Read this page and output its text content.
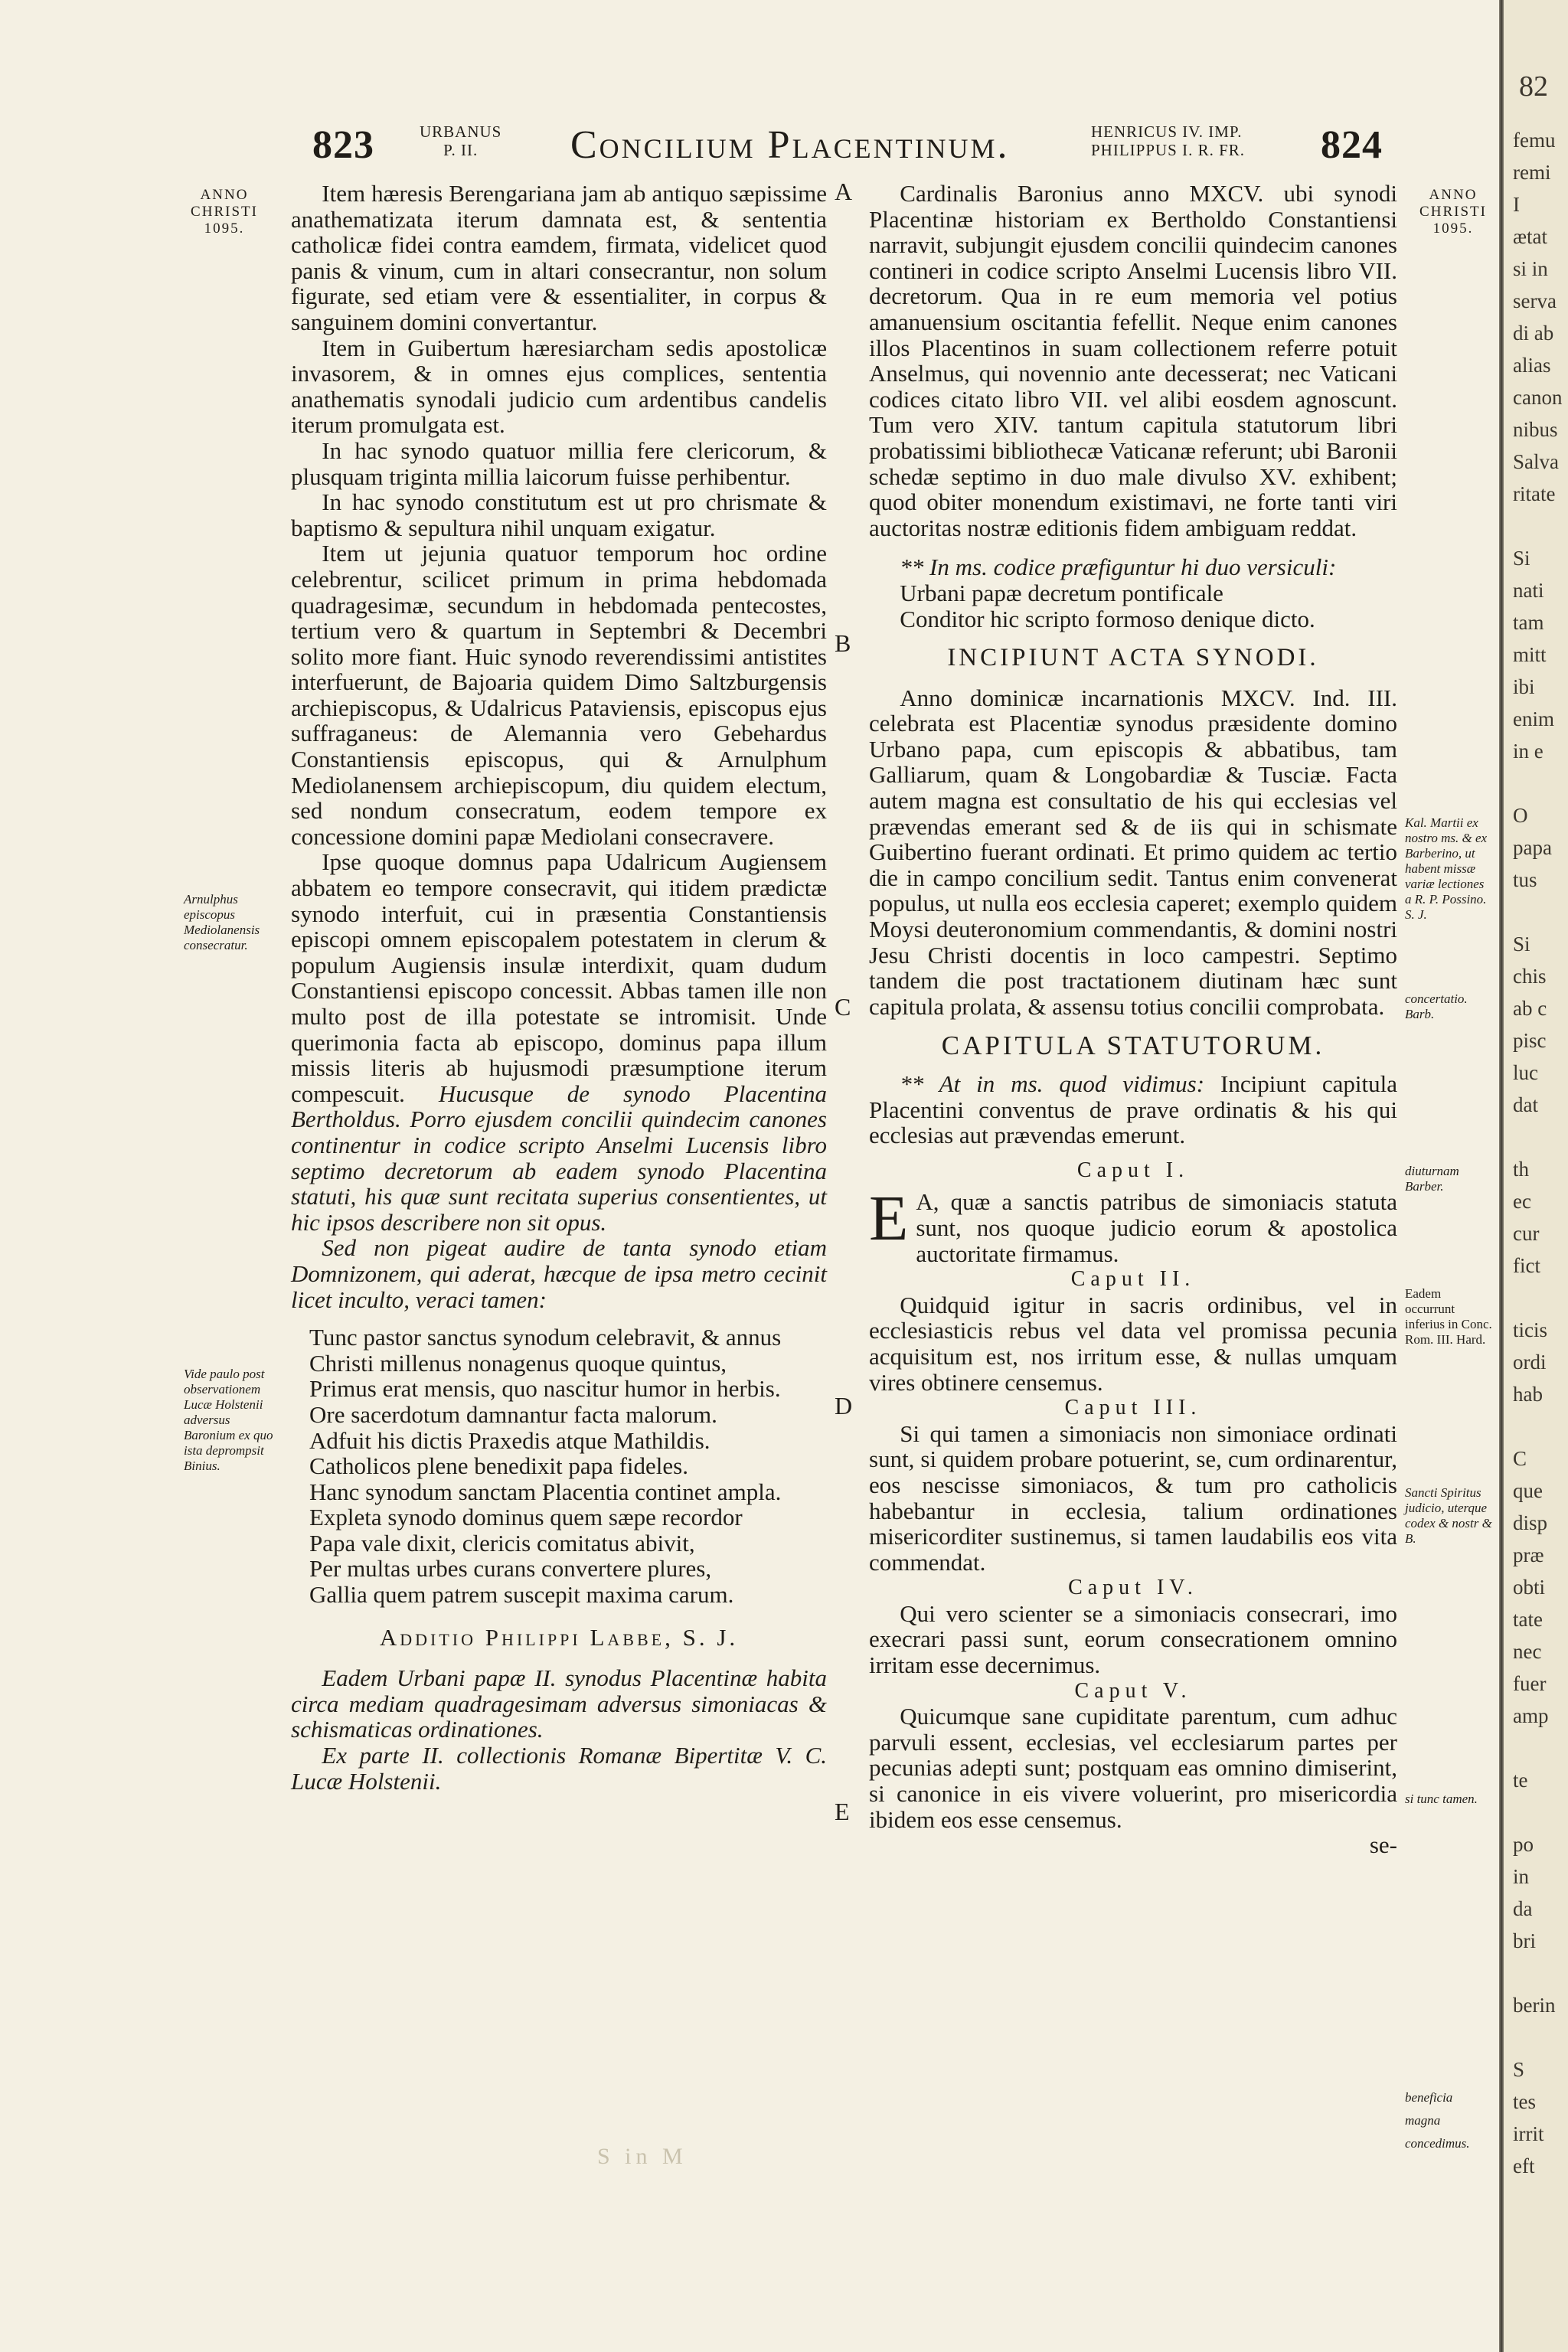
823	URBANUS
P. II.	Concilium Placentinum.	HENRICUS IV. IMP.
PHILIPPUS I. R. FR. 824
ANNO
CHRISTI
1095.
Arnulphus episcopus Mediolanensis consecratur.
Vide paulo post observationem Lucæ Holstenii adversus Baronium ex quo ista deprompsit Binius.
A
B
C
D
E

Item hæresis Berengariana jam ab antiquo sæpissime anathematizata iterum damnata est, & sententia catholicæ fidei contra eamdem, firmata, videlicet quod panis & vinum, cum in altari consecrantur, non solum figurate, sed etiam vere & essentialiter, in corpus & sanguinem domini convertantur.

Item in Guibertum hæresiarcham sedis apostolicæ invasorem, & in omnes ejus complices, sententia anathematis synodali judicio cum ardentibus candelis iterum promulgata est.

In hac synodo quatuor millia fere clericorum, & plusquam triginta millia laicorum fuisse perhibentur.

In hac synodo constitutum est ut pro chrismate & baptismo & sepultura nihil unquam exigatur.

Item ut jejunia quatuor temporum hoc ordine celebrentur, scilicet primum in prima hebdomada quadragesimæ, secundum in hebdomada pentecostes, tertium vero & quartum in Septembri & Decembri solito more fiant. Huic synodo reverendissimi antistites interfuerunt, de Bajoaria quidem Dimo Saltzburgensis archiepiscopus, & Udalricus Pataviensis, episcopus ejus suffraganeus: de Alemannia vero Gebehardus Constantiensis episcopus, qui & Arnulphum Mediolanensem archiepiscopum, diu quidem electum, sed nondum consecratum, eodem tempore ex concessione domini papæ Mediolani consecravere.

Ipse quoque domnus papa Udalricum Augiensem abbatem eo tempore consecravit, qui itidem prædictæ synodo interfuit, cui in præsentia Constantiensis episcopi omnem episcopalem potestatem in clerum & populum Augiensis insulæ interdixit, quam dudum Constantiensi episcopo concessit. Abbas tamen ille non multo post de illa potestate se intromisit. Unde querimonia facta ab episcopo, dominus papa illum missis literis ab hujusmodi præsumptione iterum compescuit. Hucusque de synodo Placentina Bertholdus. Porro ejusdem concilii quindecim canones continentur in codice scripto Anselmi Lucensis libro septimo decretorum ab eadem synodo Placentina statuti, his quæ sunt recitata superius consentientes, ut hic ipsos describere non sit opus.

Sed non pigeat audire de tanta synodo etiam Domnizonem, qui aderat, hæcque de ipsa metro cecinit licet inculto, veraci tamen:

Tunc pastor sanctus synodum celebravit, & annus

Christi millenus nonagenus quoque quintus,

Primus erat mensis, quo nascitur humor in herbis.

Ore sacerdotum damnantur facta malorum.

Adfuit his dictis Praxedis atque Mathildis.

Catholicos plene benedixit papa fideles.

Hanc synodum sanctam Placentia continet ampla.

Expleta synodo dominus quem sæpe recordor

Papa vale dixit, clericis comitatus abivit,

Per multas urbes curans convertere plures,

Gallia quem patrem suscepit maxima carum.

Additio Philippi Labbe, S. J.

Eadem Urbani papæ II. synodus Placentinæ habita circa mediam quadragesimam adversus simoniacas & schismaticas ordinationes.

Ex parte II. collectionis Romanæ Bipertitæ V. C. Lucæ Holstenii.

Cardinalis Baronius anno MXCV. ubi synodi Placentinæ historiam ex Bertholdo Constantiensi narravit, subjungit ejusdem concilii quindecim canones contineri in codice scripto Anselmi Lucensis libro VII. decretorum. Qua in re eum memoria vel potius amanuensium oscitantia fefellit. Neque enim canones illos Placentinos in suam collectionem referre potuit Anselmus, qui novennio ante decesserat; nec Vaticani codices citato libro VII. vel alibi eosdem agnoscunt. Tum vero XIV. tantum capitula statutorum libri probatissimi bibliothecæ Vaticanæ referunt; ubi Baronii schedæ septimo in duo male divulso XV. exhibent; quod obiter monendum existimavi, ne forte tanti viri auctoritas nostræ editionis fidem ambiguam reddat.

** In ms. codice præfiguntur hi duo versiculi:

Urbani papæ decretum pontificale

Conditor hic scripto formoso denique dicto.

INCIPIUNT ACTA SYNODI.

Anno dominicæ incarnationis MXCV. Ind. III. celebrata est Placentiæ synodus præsidente domino Urbano papa, cum episcopis & abbatibus, tam Galliarum, quam & Longobardiæ & Tusciæ. Facta autem magna est consultatio de his qui ecclesias vel prævendas emerant sed & de iis qui in schismate Guibertino fuerant ordinati. Et primo quidem ac tertio die in campo concilium sedit. Tantus enim convenerat populus, ut nulla eos ecclesia caperet; exemplo quidem Moysi deuteronomium commendantis, & domini nostri Jesu Christi docentis in loco campestri. Septimo tandem die post tractationem diutinam hæc sunt capitula prolata, & assensu totius concilii comprobata.

CAPITULA STATUTORUM.

** At in ms. quod vidimus: Incipiunt capitula Placentini conventus de prave ordinatis & his qui ecclesias aut prævendas emerunt.

Caput I.

E A, quæ a sanctis patribus de simoniacis statuta sunt, nos quoque judicio eorum & apostolica auctoritate firmamus.

Caput II.

Quidquid igitur in sacris ordinibus, vel in ecclesiasticis rebus vel data vel promissa pecunia acquisitum est, nos irritum esse, & nullas umquam vires obtinere censemus.

Caput III.

Si qui tamen a simoniacis non simoniace ordinati sunt, si quidem probare potuerint, se, cum ordinarentur, eos nescisse simoniacos, & tum pro catholicis habebantur in ecclesia, talium ordinationes misericorditer sustinemus, si tamen laudabilis eos vita commendat.

Caput IV.

Qui vero scienter se a simoniacis consecrari, imo execrari passi sunt, eorum consecrationem omnino irritam esse decernimus.

Caput V.

Quicumque sane cupiditate parentum, cum adhuc parvuli essent, ecclesias, vel ecclesiarum partes per pecunias adepti sunt; postquam eas omnino dimiserint, si canonice in eis vivere voluerint, pro misericordia ibidem eos esse censemus.

se-

ANNO
CHRISTI
1095.
Kal. Martii ex nostro ms. & ex Barberino, ut habent missæ variæ lectiones a R. P. Possino. S. J.
concertatio. Barb.
diuturnam Barber.
Eadem occurrunt inferius in Conc. Rom. III. Hard.
Sancti Spiritus judicio, uterque codex & nostr & B.
si tunc tamen.
beneficia
magna
concedimus.
S in M
82
femu
remi
I
ætat
si in
serva
di ab
alias
canon
nibus
Salva
ritate
Si
nati
tam
mitt
ibi
enim
in e
O
papa
tus
Si
chis
ab c
pisc
luc
dat
th
ec
cur
fict
ticis
ordi
hab
C
que
disp
præ
obti
tate
nec
fuer
amp
te
po
in
da
bri
berin
S
tes
irrit
eft
